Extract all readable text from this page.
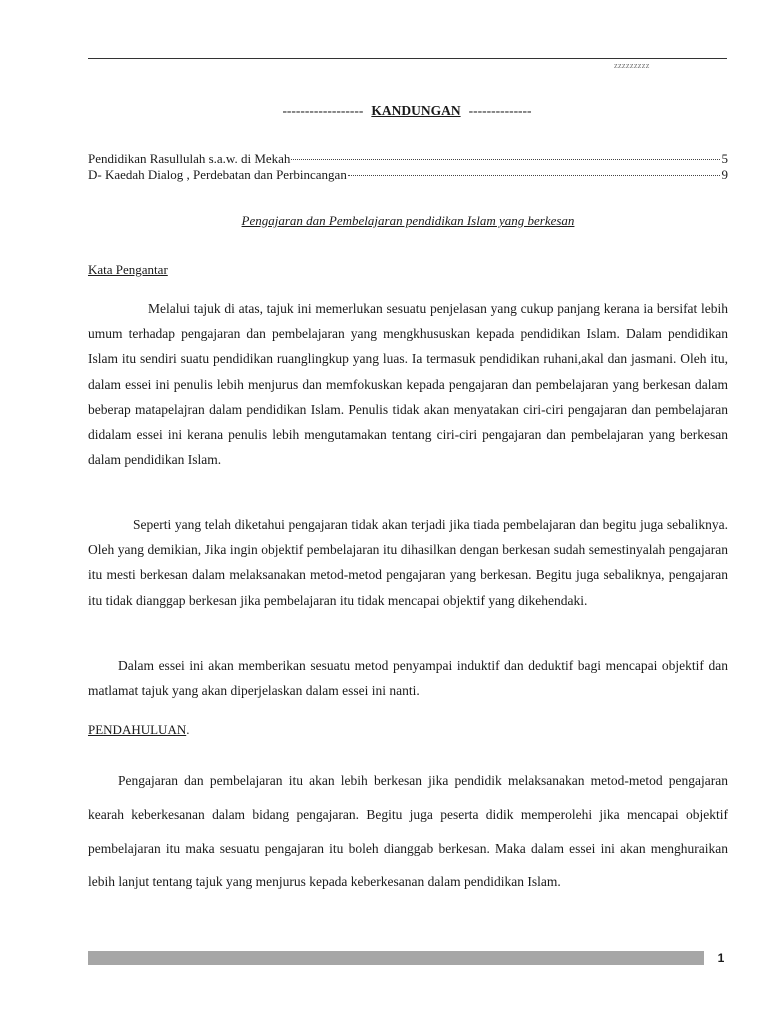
ZZZZZZZZZ
------------------ KANDUNGAN --------------
Pendidikan Rasullulah s.a.w. di Mekah	5
D- Kaedah Dialog , Perdebatan dan Perbincangan	9
Pengajaran dan Pembelajaran pendidikan Islam yang berkesan
Kata Pengantar
Melalui tajuk di atas, tajuk ini memerlukan sesuatu penjelasan yang cukup panjang kerana ia bersifat lebih umum terhadap pengajaran dan pembelajaran yang mengkhususkan kepada pendidikan Islam. Dalam pendidikan Islam itu sendiri suatu pendidikan ruanglingkup yang luas. Ia termasuk pendidikan ruhani,akal dan jasmani. Oleh itu, dalam essei ini penulis lebih menjurus dan memfokuskan kepada pengajaran dan pembelajaran yang berkesan dalam beberap matapelajran dalam pendidikan Islam. Penulis tidak akan menyatakan ciri-ciri pengajaran dan pembelajaran didalam essei ini kerana penulis lebih mengutamakan tentang ciri-ciri pengajaran dan pembelajaran yang berkesan dalam pendidikan Islam.
Seperti yang telah diketahui pengajaran tidak akan terjadi jika tiada pembelajaran dan begitu juga sebaliknya. Oleh yang demikian, Jika ingin objektif pembelajaran itu dihasilkan dengan berkesan sudah semestinyalah pengajaran itu mesti berkesan dalam melaksanakan metod-metod pengajaran yang berkesan. Begitu juga sebaliknya, pengajaran itu tidak dianggap berkesan jika pembelajaran itu tidak mencapai objektif yang dikehendaki.
Dalam essei ini akan memberikan sesuatu metod penyampai induktif dan deduktif bagi mencapai objektif dan matlamat tajuk yang akan diperjelaskan dalam essei ini nanti.
PENDAHULUAN.
Pengajaran dan pembelajaran itu akan lebih berkesan jika pendidik melaksanakan metod-metod pengajaran kearah keberkesanan dalam bidang pengajaran. Begitu juga peserta didik memperolehi jika mencapai objektif pembelajaran itu maka sesuatu pengajaran itu boleh dianggab berkesan. Maka dalam essei ini akan menghuraikan lebih lanjut tentang tajuk yang menjurus kepada keberkesanan dalam pendidikan Islam.
1
